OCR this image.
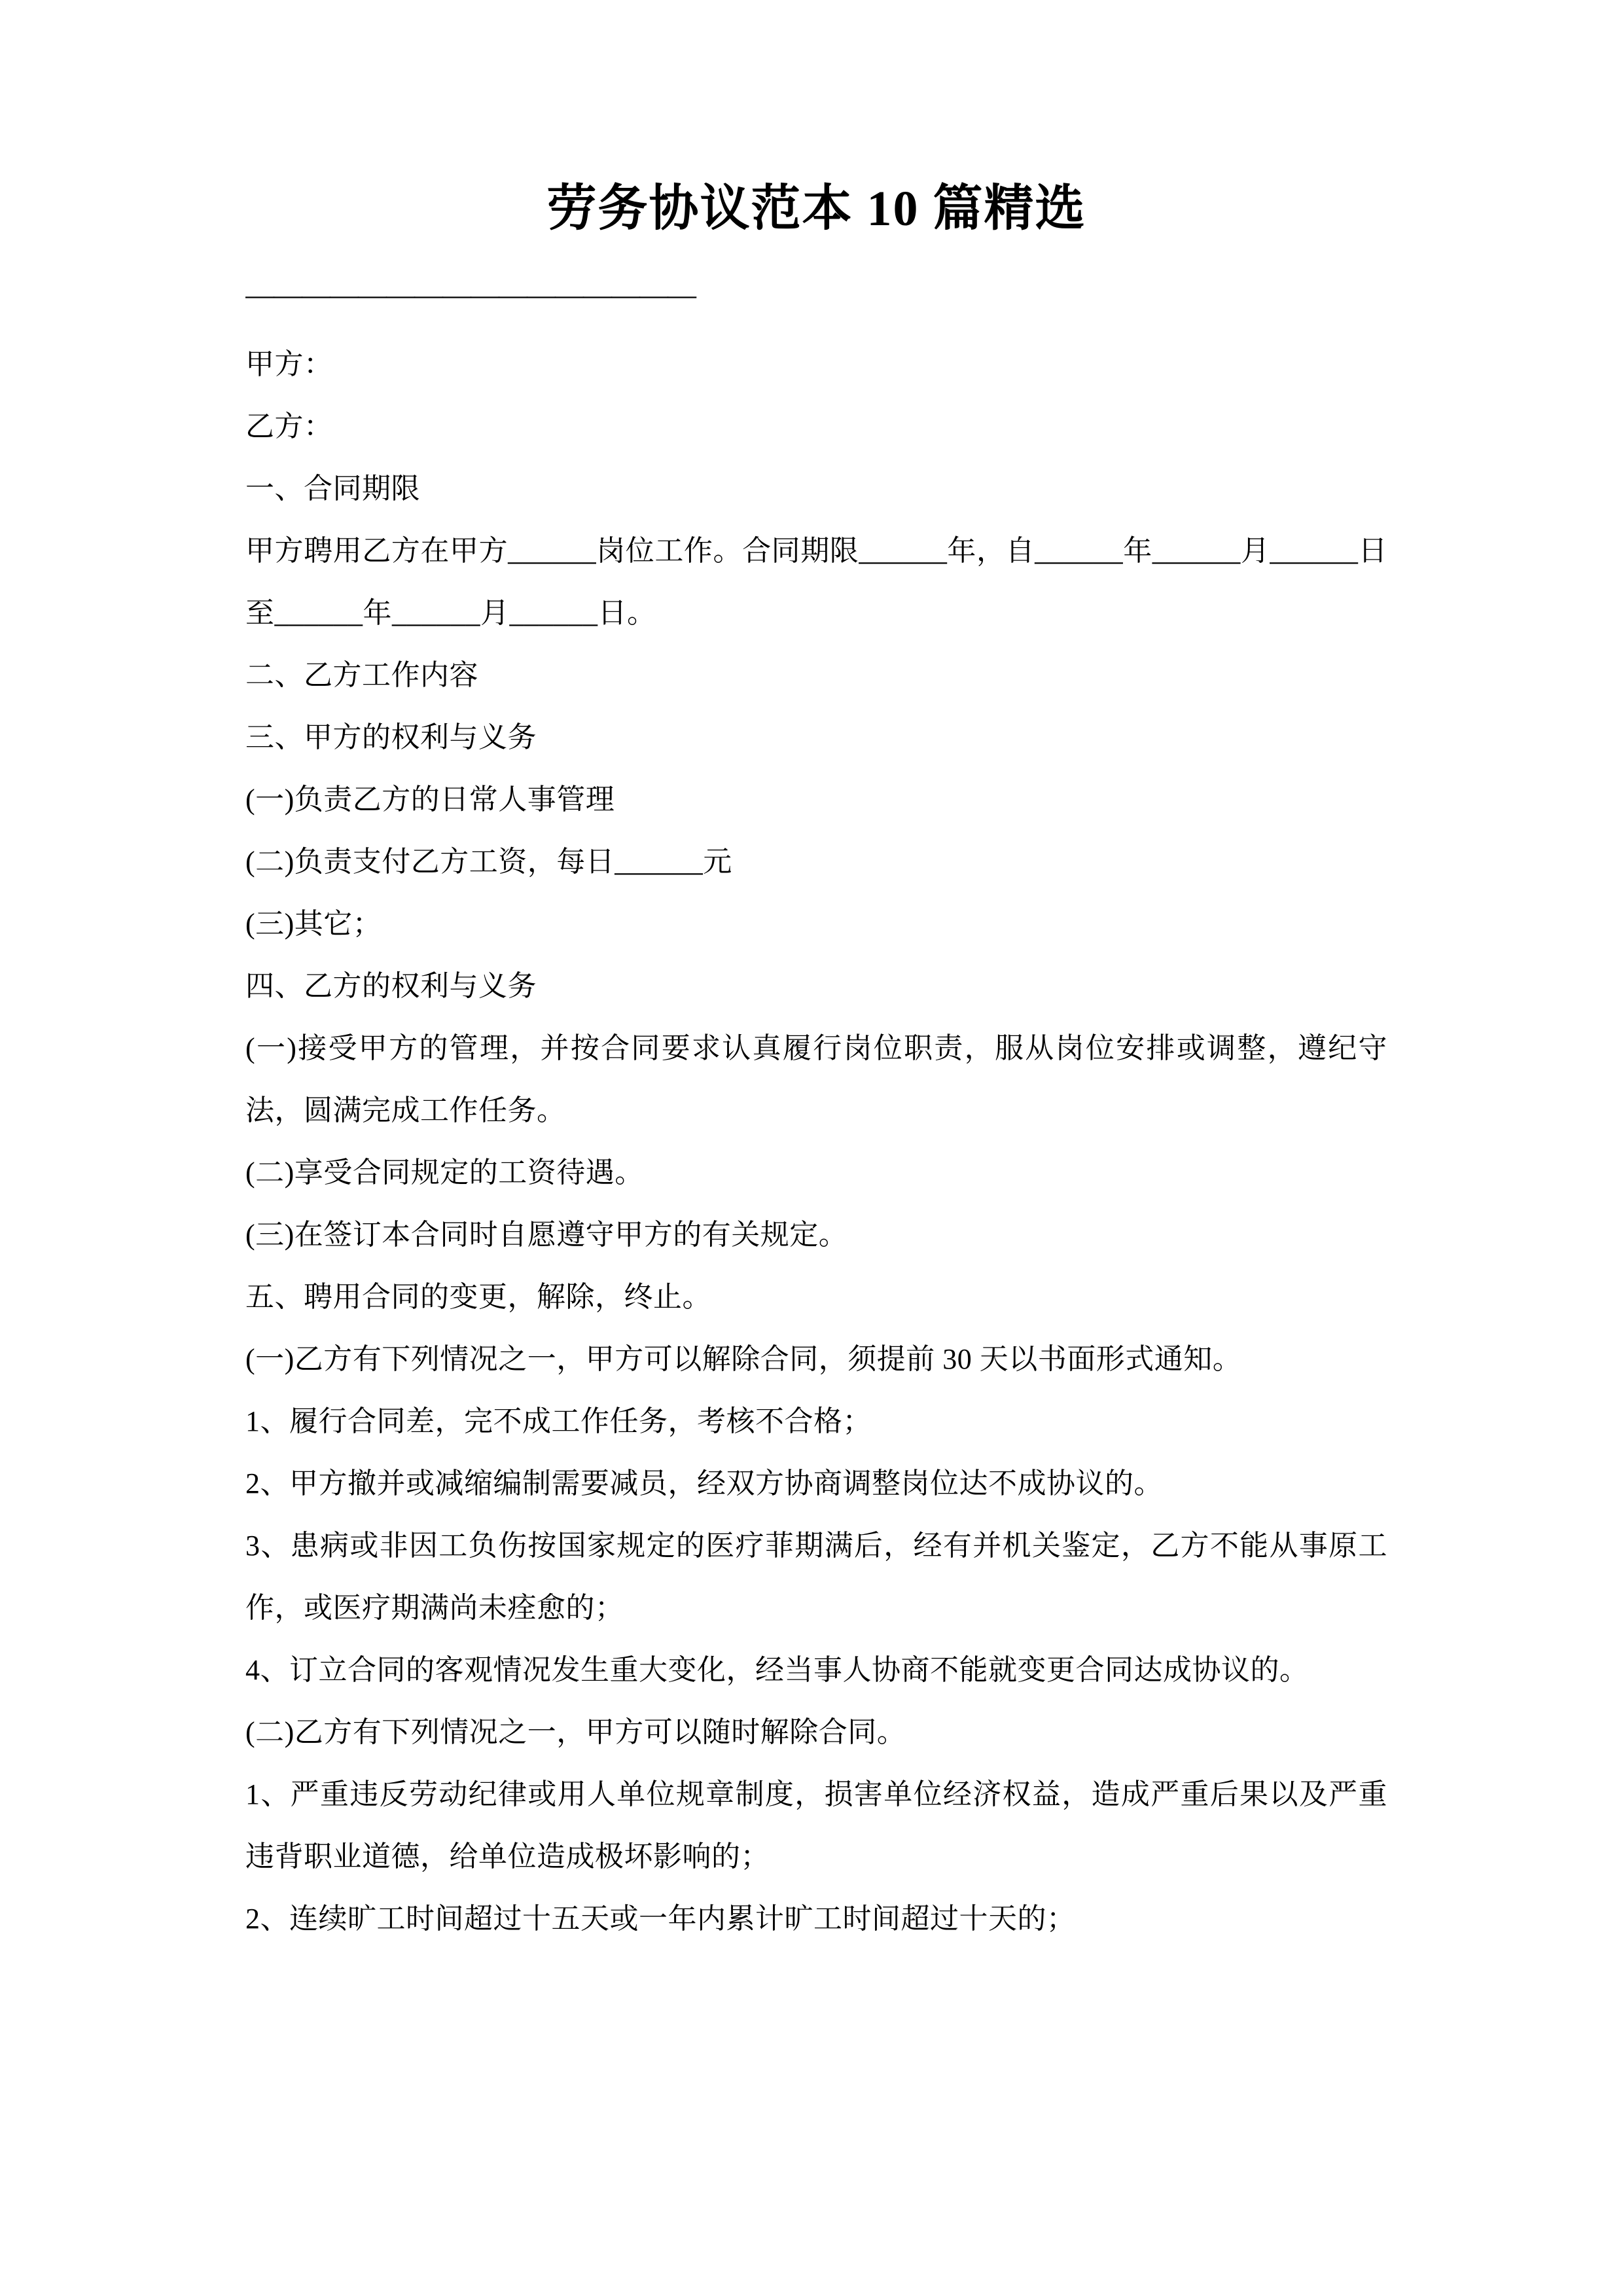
劳务协议范本 10 篇精选
————————————————

甲方：

乙方：

一、合同期限

甲方聘用乙方在甲方______岗位工作。合同期限______年，自______年______月______日至______年______月______日。

二、乙方工作内容

三、甲方的权利与义务

(一)负责乙方的日常人事管理

(二)负责支付乙方工资，每日______元

(三)其它；

四、乙方的权利与义务

(一)接受甲方的管理，并按合同要求认真履行岗位职责，服从岗位安排或调整，遵纪守法，圆满完成工作任务。

(二)享受合同规定的工资待遇。

(三)在签订本合同时自愿遵守甲方的有关规定。

五、聘用合同的变更，解除，终止。

(一)乙方有下列情况之一，甲方可以解除合同，须提前 30 天以书面形式通知。

1、履行合同差，完不成工作任务，考核不合格；

2、甲方撤并或减缩编制需要减员，经双方协商调整岗位达不成协议的。

3、患病或非因工负伤按国家规定的医疗菲期满后，经有并机关鉴定，乙方不能从事原工作，或医疗期满尚未痊愈的；

4、订立合同的客观情况发生重大变化，经当事人协商不能就变更合同达成协议的。

(二)乙方有下列情况之一，甲方可以随时解除合同。

1、严重违反劳动纪律或用人单位规章制度，损害单位经济权益，造成严重后果以及严重违背职业道德，给单位造成极坏影响的；

2、连续旷工时间超过十五天或一年内累计旷工时间超过十天的；
